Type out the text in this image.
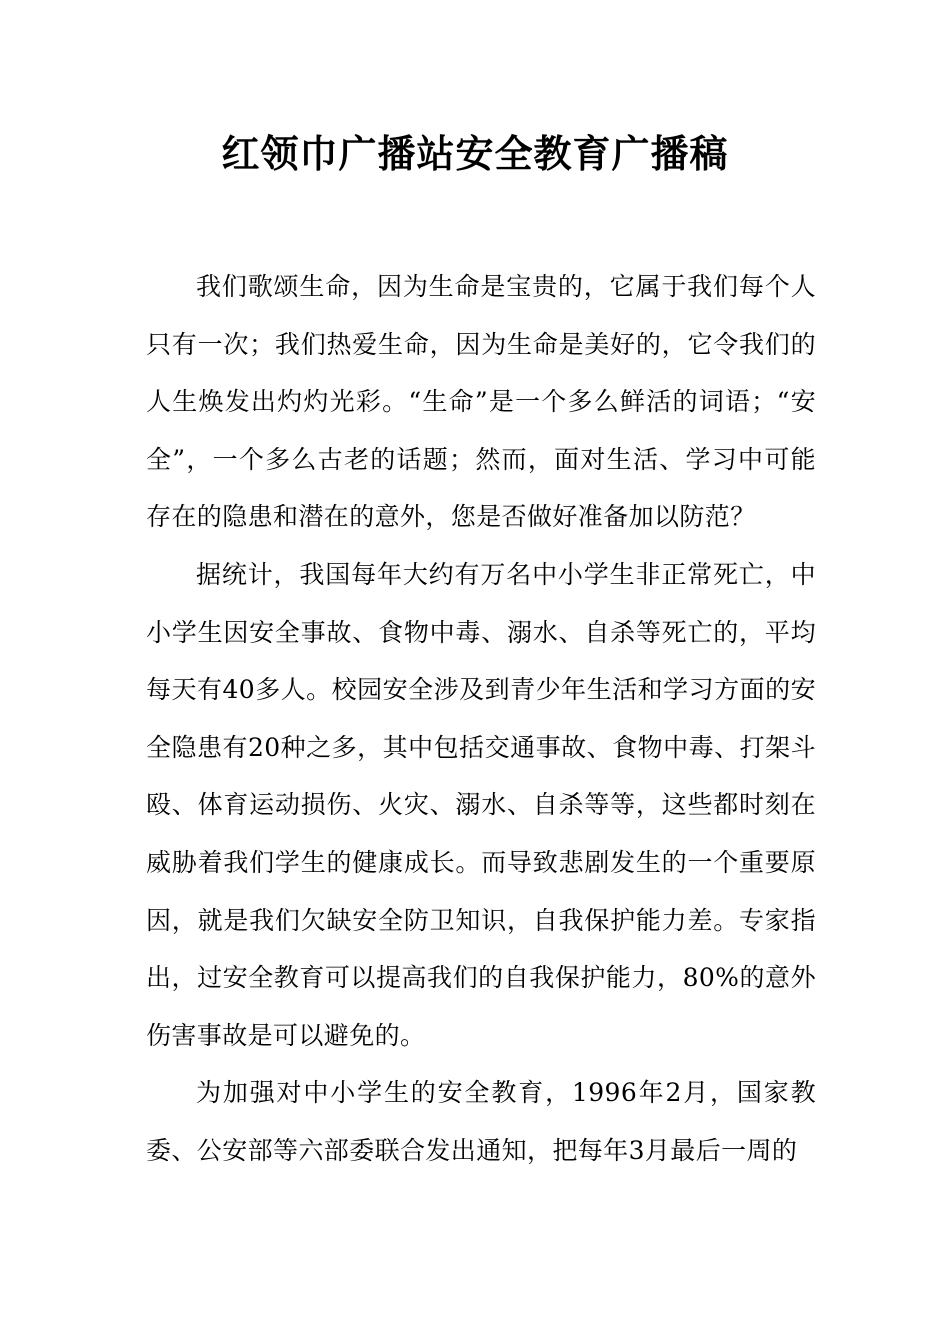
红领巾广播站安全教育广播稿

我们歌颂生命，因为生命是宝贵的，它属于我们每个人只有一次；我们热爱生命，因为生命是美好的，它令我们的人生焕发出灼灼光彩。“生命”是一个多么鲜活的词语；“安全”，一个多么古老的话题；然而，面对生活、学习中可能存在的隐患和潜在的意外，您是否做好准备加以防范？

据统计，我国每年大约有万名中小学生非正常死亡，中小学生因安全事故、食物中毒、溺水、自杀等死亡的，平均每天有40多人。校园安全涉及到青少年生活和学习方面的安全隐患有20种之多，其中包括交通事故、食物中毒、打架斗殴、体育运动损伤、火灾、溺水、自杀等等，这些都时刻在威胁着我们学生的健康成长。而导致悲剧发生的一个重要原因，就是我们欠缺安全防卫知识，自我保护能力差。专家指出，过安全教育可以提高我们的自我保护能力，80%的意外伤害事故是可以避免的。

为加强对中小学生的安全教育，1996年2月，国家教委、公安部等六部委联合发出通知，把每年3月最后一周的
